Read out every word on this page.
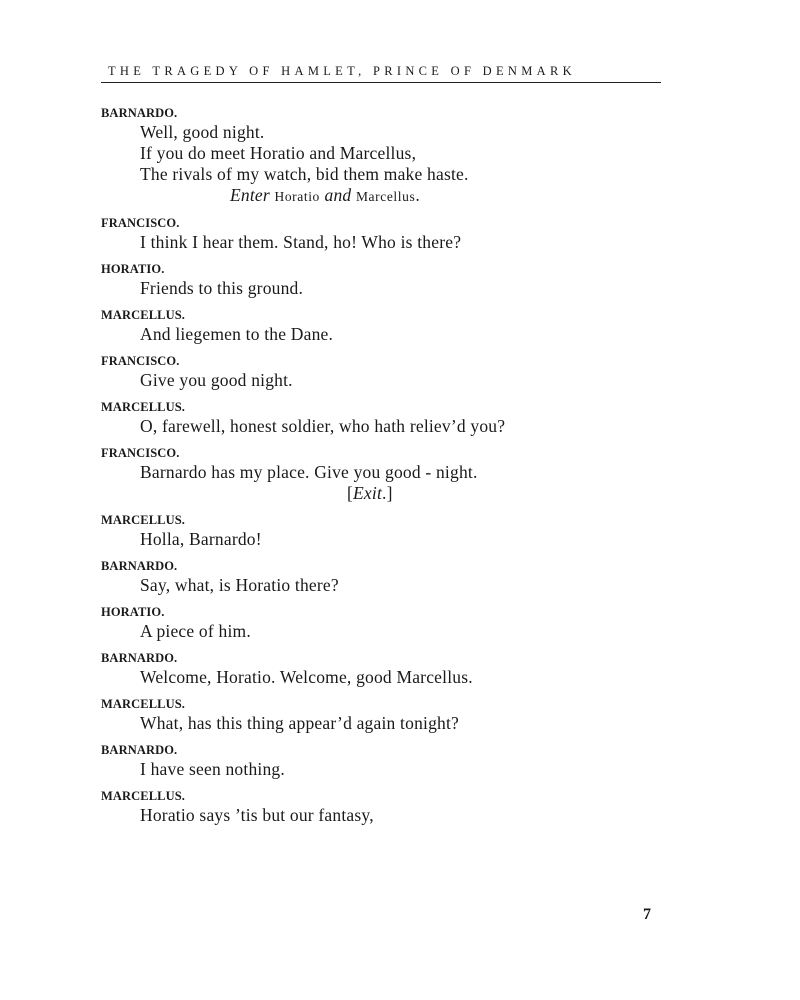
THE TRAGEDY OF HAMLET, PRINCE OF DENMARK
BARNARDO.
Well, good night.
If you do meet Horatio and Marcellus,
The rivals of my watch, bid them make haste.
Enter Horatio and Marcellus.
FRANCISCO.
I think I hear them. Stand, ho! Who is there?
HORATIO.
Friends to this ground.
MARCELLUS.
And liegemen to the Dane.
FRANCISCO.
Give you good night.
MARCELLUS.
O, farewell, honest soldier, who hath reliev’d you?
FRANCISCO.
Barnardo has my place. Give you good - night.
[Exit.]
MARCELLUS.
Holla, Barnardo!
BARNARDO.
Say, what, is Horatio there?
HORATIO.
A piece of him.
BARNARDO.
Welcome, Horatio. Welcome, good Marcellus.
MARCELLUS.
What, has this thing appear’d again tonight?
BARNARDO.
I have seen nothing.
MARCELLUS.
Horatio says ’tis but our fantasy,
7
